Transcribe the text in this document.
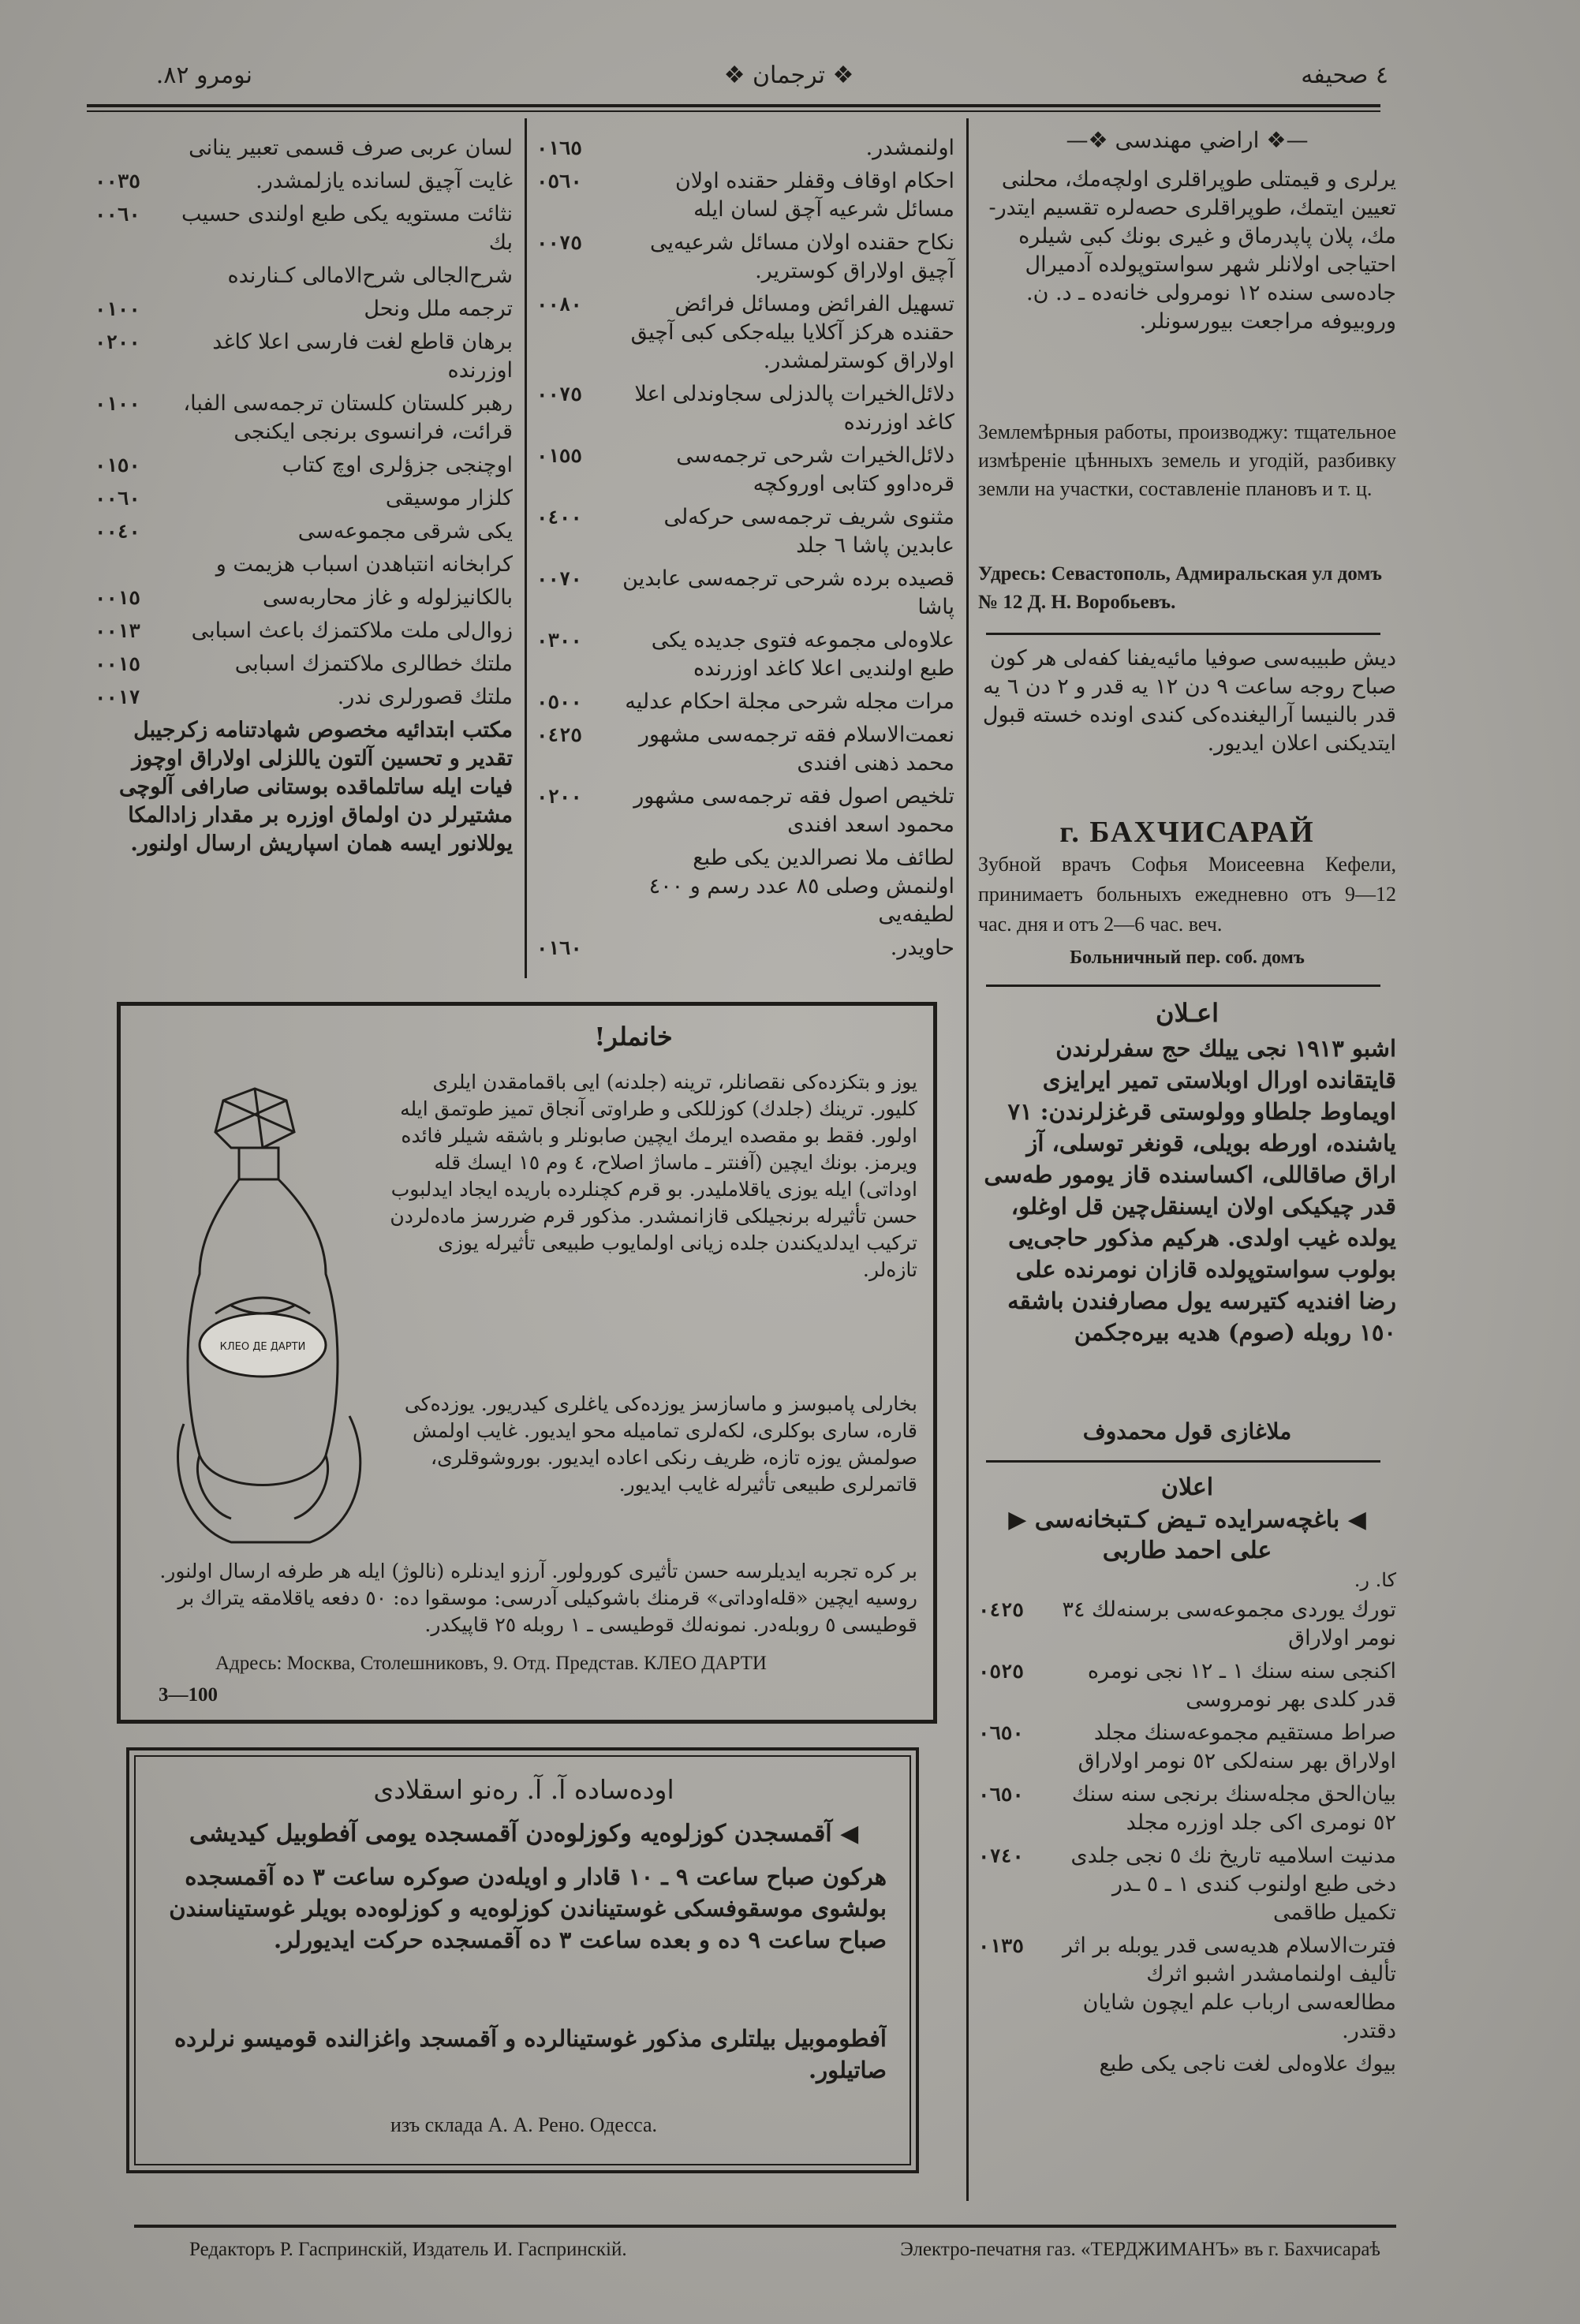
٤ صحيفه
❖ ترجمان ❖
نومرو ٨٢.
—❖ اراضي مهندسی ❖—
يرلری و قيمتلی طوپراقلری اولچه‌مك، محلنی تعيين ايتمك، طوپراقلری حصه‌لره تقسيم ايتدر- مك، پلان پاپدرماق و غيری بونك كبی شيلره احتياجی اولانلر شهر سواستوپولده آدميرال جاده‌سی سنده ١٢ نومرولی خانه‌ده ـ د. ن. وروبيوفه مراجعت بيورسونلر.
Землемѣрныя работы, производжу: тщательное измѣреніе цѣнныхъ земель и угодій, разбивку земли на участки, составленіе плановъ и т. ц.
Удресь: Севастополь, Адмиральская ул домъ № 12 Д. Н. Воробьевъ.
ديش طبيبه‌سی صوفيا مائيه‌يفنا كفه‌لی هر كون صباح روجه ساعت ٩ دن ١٢ يه قدر و ٢ دن ٦ يه قدر بالنيسا آراليغنده‌كی كندی اونده خسته قبول ايتديكنی اعلان ايديور.
г. БАХЧИСАРАЙ
Зубной врачъ Софья Моисеевна Кефели, принимаетъ больныхъ ежедневно отъ 9—12 час. дня и отъ 2—6 час. веч.
Больничный пер. соб. домъ
اعـلان
اشبو ١٩١٣ نجی ييلك حج سفرلرندن قايتقانده اورال اوبلاستی تمير ايرايزی اويماوط جلطاو وولوستی قرغزلرندن: ٧١ ياشنده، اورطه بويلی، قونغر توسلی، آز اراق صاقاللی، اكساسنده قاز يومور طه‌سی قدر چيكيكی اولان ايسنقل‌چين قل اوغلو، يولده غيب اولدی. هركيم مذكور حاجی‌يی بولوب سواستوپولده قازان نومرنده علی رضا افنديه كتيرسه يول مصارفندن باشقه ١٥٠ روبله (صوم) هديه بيره‌جكمن
ملاغازی قول محمدوف
اعلان
◀ باغچه‌سرايده تـيض كـتبخانه‌سی ▶
علی احمد طاربی
كا. ر.
تورك يوردی مجموعه‌سی برسنه‌لك ٣٤ نومر اولاراق
٠٤٢٥
اكنجی سنه سنك ١ ـ ١٢ نجی نومره قدر كلدی بهر نومروسی
٠٥٢٥
صراط مستقيم مجموعه‌سنك مجلد اولاراق بهر سنه‌لكی ٥٢ نومر اولاراق
٠٦٥٠
بيان‌الحق مجله‌سنك برنجی سنه سنك ٥٢ نومری اكی جلد اوزره مجلد
٠٦٥٠
مدنيت اسلاميه تاريخ نك ٥ نجی جلدی دخی طبع اولنوب كندی ١ ـ ٥ ـدر تكميل طاقمی
٠٧٤٠
فترت‌الاسلام هديه‌سی قدر يوبله بر اثر تأليف اولنمامشدر اشبو اثرك مطالعه‌سی ارباب علم ايچون شايان دقتدر.
٠١٣٥
بيوك علاوه‌لی لغت ناجی يكی طبع
اولنمشدر.
٠١٦٥
احكام اوقاف وقفلر حقنده اولان مسائل شرعيه آچق لسان ايله
٠٥٦٠
نكاح حقنده اولان مسائل شرعيه‌يی آچيق اولاراق كوسترير.
٠٠٧٥
تسهيل الفرائض ومسائل فرائض حقنده هركز آكلايا بيله‌جكی كبی آچيق اولاراق كوسترلمشدر.
٠٠٨٠
دلائل‌الخيرات پالدزلی سجاوندلی اعلا كاغد اوزرنده
٠٠٧٥
دلائل‌الخيرات شرحی ترجمه‌سی قره‌داوو كتابی اوروكچه
٠١٥٥
مثنوی شريف ترجمه‌سی حركه‌لی عابدين پاشا ٦ جلد
٠٤٠٠
قصيده برده شرحی ترجمه‌سی عابدين پاشا
٠٠٧٠
علاوه‌لی مجموعه فتوی جديده يكی طبع اولنديی اعلا كاغد اوزرنده
٠٣٠٠
مرات مجله شرحی مجلة احكام عدليه
٠٥٠٠
نعمت‌الاسلام فقه ترجمه‌سی مشهور محمد ذهنی افندی
٠٤٢٥
تلخيص اصول فقه ترجمه‌سی مشهور محمود اسعد افندی
٠٢٠٠
لطائف ملا نصرالدين يكی طبع اولنمش وصلی ٨٥ عدد رسم و ٤٠٠ لطيفه‌يی
حاويدر.
٠١٦٠
لسان عربی صرف قسمی تعبير ينانی
غايت آچيق لسانده يازلمشدر.
٠٠٣٥
نثائت مستويه يكی طبع اولندی حسيب بك
٠٠٦٠
شرح‌الجالی شرح‌الامالی كـنارنده
ترجمه ملل ونحل
٠١٠٠
برهان قاطع لغت فارسی اعلا كاغد اوزرنده
٠٢٠٠
رهبر كلستان كلستان ترجمه‌سی الفبا، قرائت، فرانسوی برنجی ايكنجی
٠١٠٠
اوچنجی جزؤلری اوچ كتاب
٠١٥٠
كلزار موسيقی
٠٠٦٠
يكی شرقی مجموعه‌سی
٠٠٤٠
كرابخانه انتباهدن اسباب هزيمت و
بالكانيزلوله و غاز محاربه‌سی
٠٠١٥
زوال‌لی ملت ملاكتمزك باعث اسبابی
٠٠١٣
ملتك خطالری ملاكتمزك اسبابی
٠٠١٥
ملتك قصورلری ندر.
٠٠١٧
مكتب ابتدائيه مخصوص شهادتنامه زكرجيبل تقدير و تحسين آلتون ياللزلی اولاراق اوچوز فيات ايله ساتلماقده بوستانی صارافی آلوچی مشتيرلر دن اولماق اوزره بر مقدار زادالمكا يوللانور ايسه همان اسپاريش ارسال اولنور.
خانملر!
يوز و بتكزده‌كی نقصانلر، ترينه (جلدنه) ايی باقمامقدن ايلری كليور. ترينك (جلدك) كوزللكی و طراوتی آنجاق تميز طوتمق ايله اولور. فقط بو مقصده ايرمك ايچين صابونلر و باشقه شيلر فائده ويرمز. بونك ايچين (آفنتر ـ ماساژ اصلاح، ٤ وم ١٥ ايسك قله اوداتی) ايله يوزی ياقلامليدر. بو قرم كچنلرده باريده ايجاد ايدلبوب حسن تأثيرله برنجيلكی قازانمشدر. مذكور قرم ضررسز ماده‌لردن تركيب ايدلديكندن جلده زيانی اولمايوب طبيعی تأثيرله يوزی تازه‌لر.
بخارلی پامبوسز و ماسازسز يوزده‌كی ياغلری كيدريور. يوزده‌كی قاره، ساری بوكلری، لكه‌لری تماميله محو ايديور. غايب اولمش صولمش يوزه تازه، ظريف رنكی اعاده ايديور. بوروشوقلری، قاتمرلری طبيعی تأثيرله غايب ايديور.
بر كره تجربه ايديلرسه حسن تأثيری كورولور. آرزو ايدنلره (نالوژ) ايله هر طرفه ارسال اولنور. روسيه ايچين «قله‌اوداتی» قرمنك باشوكيلی آدرسی: موسقوا ده: ٥٠ دفعه ياقلامقه يتراك بر قوطيسی ٥ روبله‌در. نمونه‌لك قوطيسی ـ ١ روبله ٢٥ قاپيكدر.
Адресь: Москва, Столешниковъ, 9. Отд. Представ. КЛЕО ДАРТИ
3—100
КЛЕО ДЕ ДАРТИ
اوده‌ساده آ. آ. ره‌نو اسقلادی
◀ آقمسجدن كوزلوه‌يه وكوزلوه‌دن آقمسجده يومی آفطوبيل كيديشی
هركون صباح ساعت ٩ ـ ١٠ قادار و اويله‌دن صوكره ساعت ٣ ده آقمسجده بولشوی موسقوفسكی غوستيناندن كوزلوه‌يه و كوزلوه‌ده بويلر غوستيناسندن صباح ساعت ٩ ده و بعده ساعت ٣ ده آقمسجده حركت ايديورلر.
آفطوموبيل بيلتلری مذكور غوستينالرده و آقمسجد واغزالنده قوميسو نرلرده صاتيلور.
изъ склада А. А. Рено. Одесса.
Редакторъ Р. Гаспринскій, Издатель И. Гаспринскій.	Электро-печатня газ. «ТЕРДЖИМАНЪ» въ г. Бахчисараѣ
